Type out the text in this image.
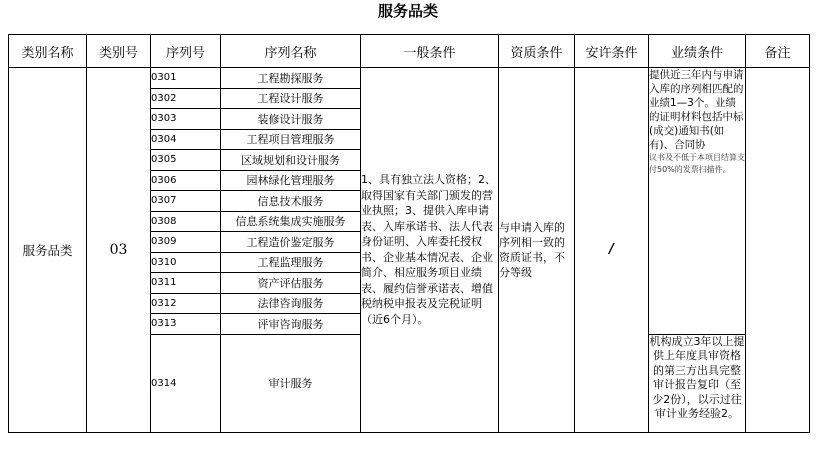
服务品类
类别名称	类别号	序列号	序列名称	一般条件	资质条件	安许条件	业绩条件	备注
服务品类	03	0301	工程勘探服务	1、具有独立法人资格；2、取得国家有关部门颁发的营业执照；3、提供入库申请表、入库承诺书、法人代表身份证明、入库委托授权书、企业基本情况表、企业简介、相应服务项目业绩表、履约信誉承诺表、增值税纳税申报表及完税证明（近6个月）。	与申请入库的序列相一致的资质证书，不分等级	/	提供近三年内与申请入库的序列相匹配的业绩1—3个。业绩的证明材料包括中标(成交)通知书(如有)、合同协
议书及不低于本项目结算支付50%的发票扫描件。	

		0302	工程设计服务					
		0303	装修设计服务					
		0304	工程项目管理服务					
		0305	区域规划和设计服务					
		0306	园林绿化管理服务					
		0307	信息技术服务					
		0308	信息系统集成实施服务					
		0309	工程造价鉴定服务					
		0310	工程监理服务					
		0311	资产评估服务					
		0312	法律咨询服务					
		0313	评审咨询服务					
		0314	审计服务				机构成立3年以上提供上年度具审资格的第三方出具完整审计报告复印（至少2份），以示过往审计业务经验2。	
